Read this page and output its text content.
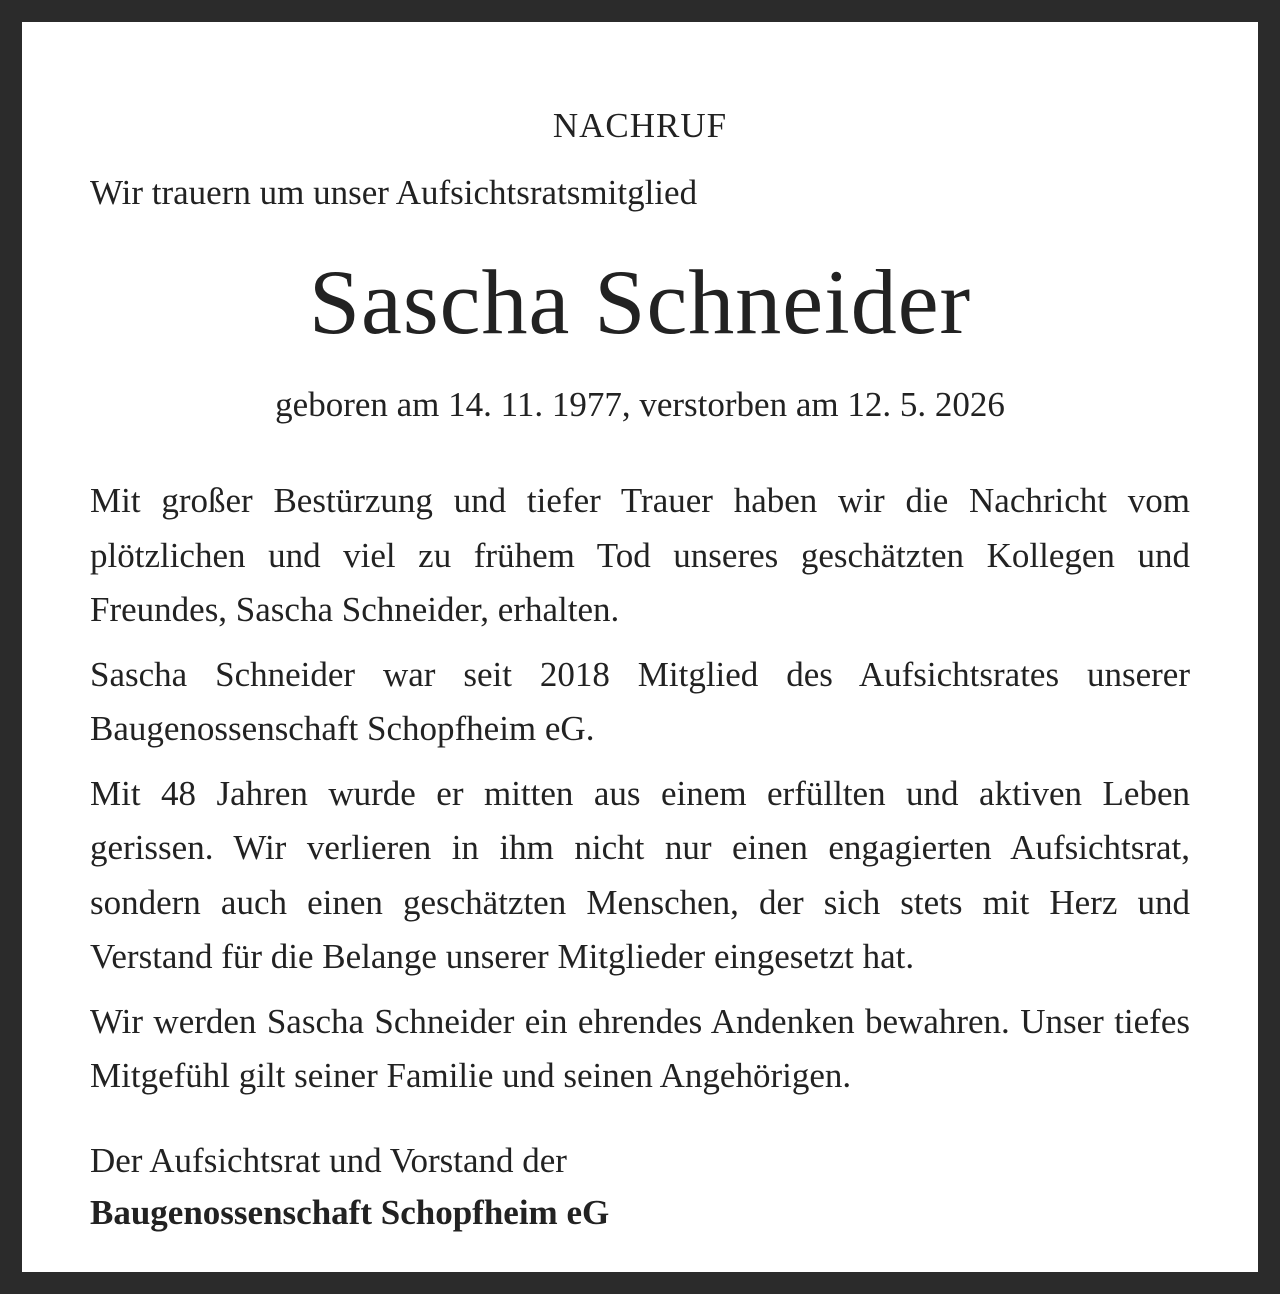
NACHRUF
Wir trauern um unser Aufsichtsratsmitglied
Sascha Schneider
geboren am 14. 11. 1977, verstorben am 12. 5. 2026

Mit großer Bestürzung und tiefer Trauer haben wir die Nachricht vom plötzlichen und viel zu frühem Tod unseres geschätzten Kollegen und Freundes, Sascha Schneider, erhalten.

Sascha Schneider war seit 2018 Mitglied des Aufsichtsrates unserer Baugenossenschaft Schopfheim eG.

Mit 48 Jahren wurde er mitten aus einem erfüllten und aktiven Leben gerissen. Wir verlieren in ihm nicht nur einen engagierten Aufsichtsrat, sondern auch einen geschätzten Menschen, der sich stets mit Herz und Verstand für die Belange unserer Mitglieder eingesetzt hat.

Wir werden Sascha Schneider ein ehrendes Andenken bewahren. Unser tiefes Mitgefühl gilt seiner Familie und seinen Angehörigen.

Der Aufsichtsrat und Vorstand der
Baugenossenschaft Schopfheim eG
